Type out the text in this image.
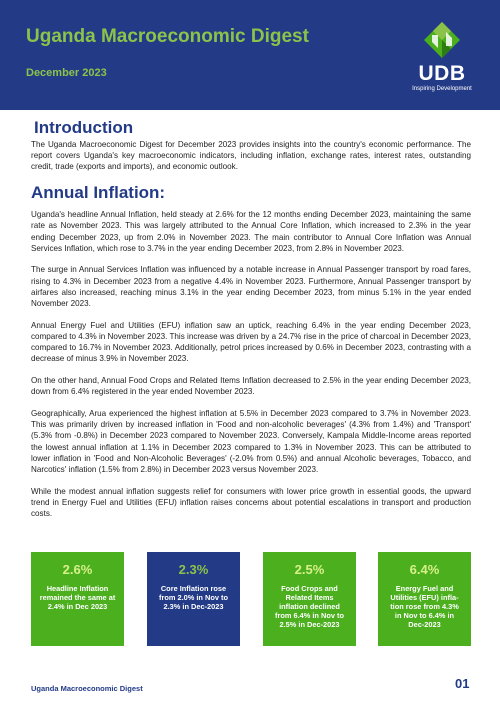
Uganda Macroeconomic Digest
December 2023	UDB
Inspiring Development
Introduction

The Uganda Macroeconomic Digest for December 2023 provides insights into the country's economic performance. The report covers Uganda's key macroeconomic indicators, including inflation, exchange rates, interest rates, outstanding credit, trade (exports and imports), and economic outlook.

Annual Inflation:

Uganda's headline Annual Inflation, held steady at 2.6% for the 12 months ending December 2023, maintaining the same rate as November 2023. This was largely attributed to the Annual Core Inflation, which increased to 2.3% in the year ending December 2023, up from 2.0% in November 2023. The main contributor to Annual Core Inflation was Annual Services Inflation, which rose to 3.7% in the year ending December 2023, from 2.8% in November 2023.

The surge in Annual Services Inflation was influenced by a notable increase in Annual Passenger transport by road fares, rising to 4.3% in December 2023 from a negative 4.4% in November 2023. Furthermore, Annual Passenger transport by airfares also increased, reaching minus 3.1% in the year ending December 2023, from minus 5.1% in the year ended November 2023.

Annual Energy Fuel and Utilities (EFU) inflation saw an uptick, reaching 6.4% in the year ending December 2023, compared to 4.3% in November 2023. This increase was driven by a 24.7% rise in the price of charcoal in December 2023, compared to 16.7% in November 2023. Additionally, petrol prices increased by 0.6% in December 2023, contrasting with a decrease of minus 3.9% in November 2023.

On the other hand, Annual Food Crops and Related Items Inflation decreased to 2.5% in the year ending December 2023, down from 6.4% registered in the year ended November 2023.

Geographically, Arua experienced the highest inflation at 5.5% in December 2023 compared to 3.7% in November 2023. This was primarily driven by increased inflation in 'Food and non-alcoholic beverages' (4.3% from 1.4%) and 'Transport' (5.3% from -0.8%) in December 2023 compared to November 2023. Conversely, Kampala Middle-Income areas reported the lowest annual inflation at 1.1% in December 2023 compared to 1.3% in November 2023. This can be attributed to lower inflation in 'Food and Non-Alcoholic Beverages' (-2.0% from 0.5%) and annual Alcoholic beverages, Tobacco, and Narcotics' inflation (1.5% from 2.8%) in December 2023 versus November 2023.

While the modest annual inflation suggests relief for consumers with lower price growth in essential goods, the upward trend in Energy Fuel and Utilities (EFU) inflation raises concerns about potential escalations in transport and production costs.

2.6%
Headline Inflation remained the same at 2.4% in Dec 2023
2.3%
Core Inflation rose from 2.0% in Nov to 2.3% in Dec-2023
2.5%
Food Crops and Related Items inflation declined from 6.4% in Nov to 2.5% in Dec-2023
6.4%
Energy Fuel and Utilities (EFU) infla-tion rose from 4.3% in Nov to 6.4% in Dec-2023
Uganda Macroeconomic Digest	01
